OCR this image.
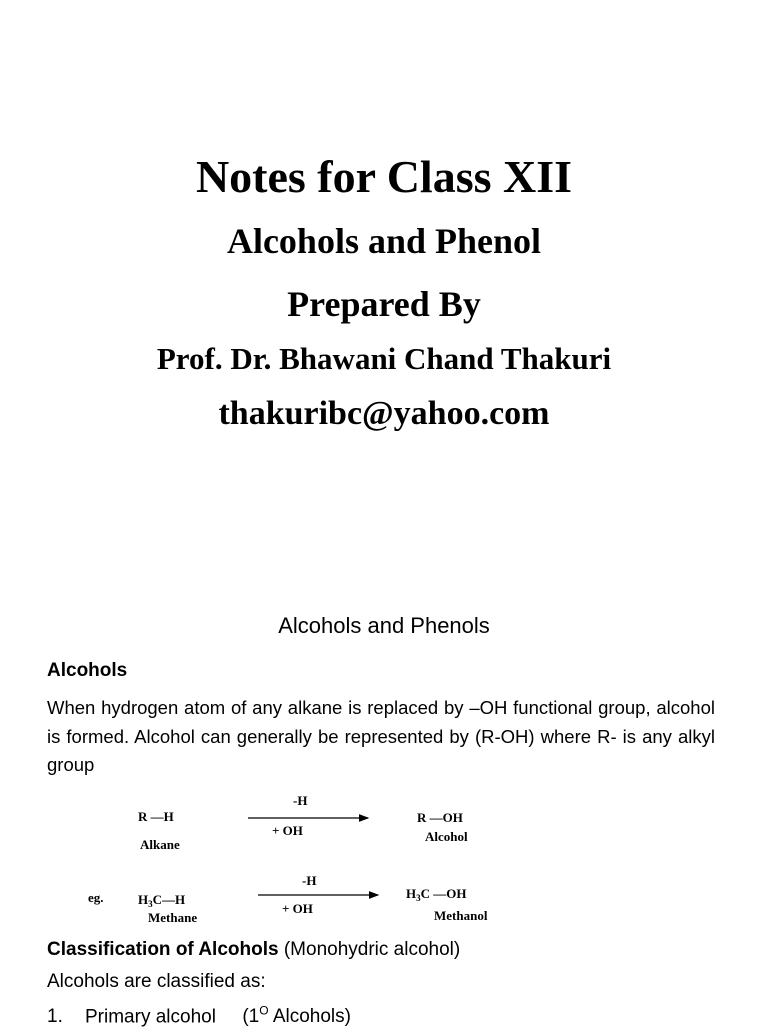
Notes for Class XII
Alcohols and Phenol
Prepared By
Prof. Dr. Bhawani Chand Thakuri
thakuribc@yahoo.com
Alcohols and Phenols
Alcohols
When hydrogen atom of any alkane is replaced by –OH functional group, alcohol is formed. Alcohol can generally be represented by (R-OH) where R- is any alkyl group
R —H
Alkane
-H
+ OH
R —OH
Alcohol
eg.	$H_3C—H$
Methane
-H
+ OH
$H_3C$ —OH
Methanol
Classification of Alcohols (Monohydric alcohol)
Alcohols are classified as:
1. Primary alcohol ($1^O$ Alcohols)
